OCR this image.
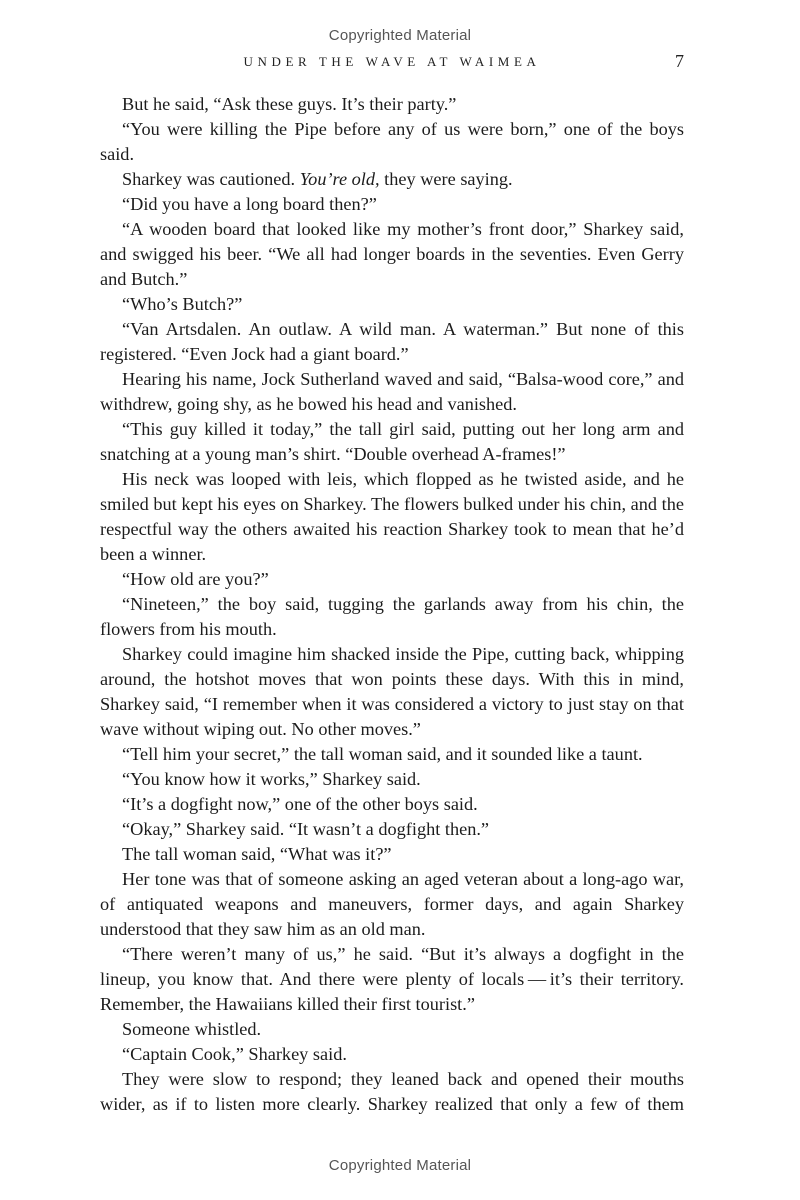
Copyrighted Material
UNDER THE WAVE AT WAIMEA	7

But he said, “Ask these guys. It’s their party.”

“You were killing the Pipe before any of us were born,” one of the boys said.

Sharkey was cautioned. You’re old, they were saying.

“Did you have a long board then?”

“A wooden board that looked like my mother’s front door,” Sharkey said, and swigged his beer. “We all had longer boards in the seventies. Even Gerry and Butch.”

“Who’s Butch?”

“Van Artsdalen. An outlaw. A wild man. A waterman.” But none of this registered. “Even Jock had a giant board.”

Hearing his name, Jock Sutherland waved and said, “Balsa-wood core,” and withdrew, going shy, as he bowed his head and vanished.

“This guy killed it today,” the tall girl said, putting out her long arm and snatching at a young man’s shirt. “Double overhead A-frames!”

His neck was looped with leis, which flopped as he twisted aside, and he smiled but kept his eyes on Sharkey. The flowers bulked under his chin, and the respectful way the others awaited his reaction Sharkey took to mean that he’d been a winner.

“How old are you?”

“Nineteen,” the boy said, tugging the garlands away from his chin, the flowers from his mouth.

Sharkey could imagine him shacked inside the Pipe, cutting back, whipping around, the hotshot moves that won points these days. With this in mind, Sharkey said, “I remember when it was considered a victory to just stay on that wave without wiping out. No other moves.”

“Tell him your secret,” the tall woman said, and it sounded like a taunt.

“You know how it works,” Sharkey said.

“It’s a dogfight now,” one of the other boys said.

“Okay,” Sharkey said. “It wasn’t a dogfight then.”

The tall woman said, “What was it?”

Her tone was that of someone asking an aged veteran about a long-ago war, of antiquated weapons and maneuvers, former days, and again Sharkey understood that they saw him as an old man.

“There weren’t many of us,” he said. “But it’s always a dogfight in the lineup, you know that. And there were plenty of locals — it’s their territory. Remember, the Hawaiians killed their first tourist.”

Someone whistled.

“Captain Cook,” Sharkey said.

They were slow to respond; they leaned back and opened their mouths wider, as if to listen more clearly. Sharkey realized that only a few of them

Copyrighted Material
